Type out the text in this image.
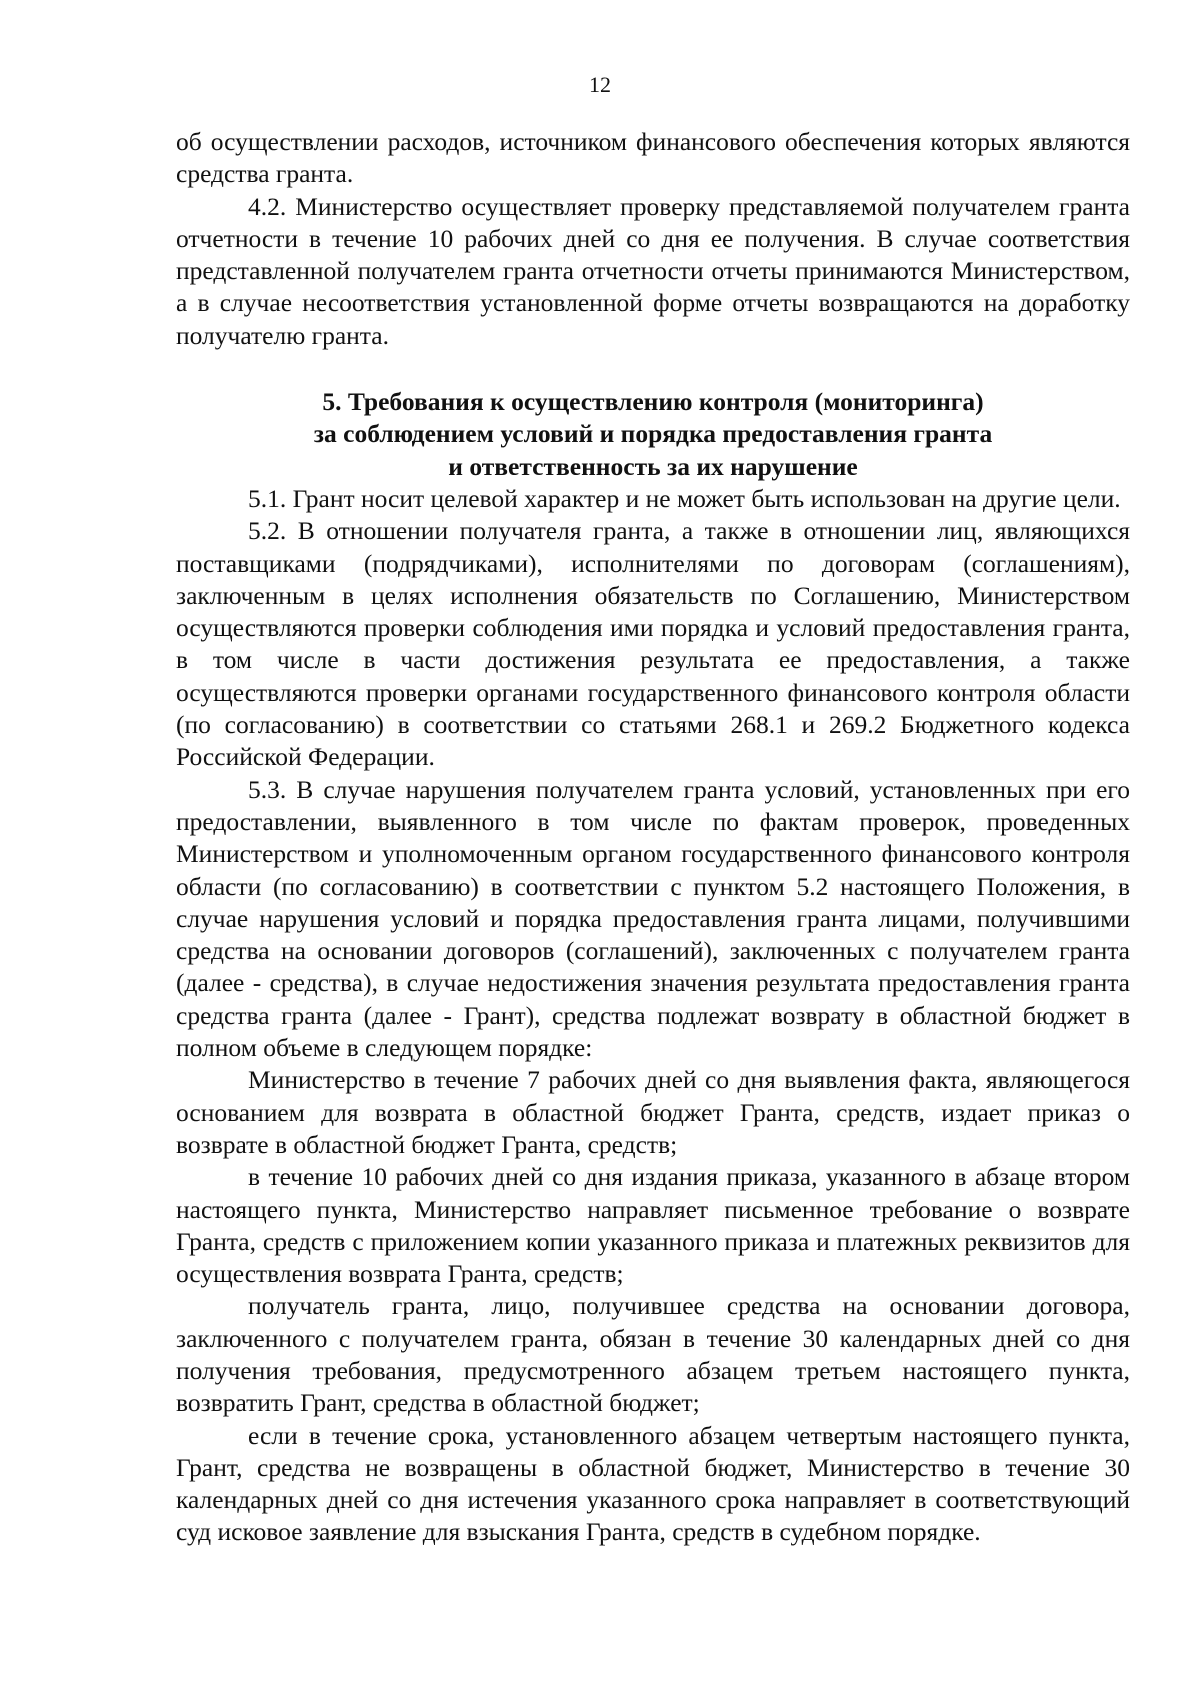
12

об осуществлении расходов, источником финансового обеспечения которых являются средства гранта.

4.2. Министерство осуществляет проверку представляемой получателем гранта отчетности в течение 10 рабочих дней со дня ее получения. В случае соответствия представленной получателем гранта отчетности отчеты принимаются Министерством, а в случае несоответствия установленной форме отчеты возвращаются на доработку получателю гранта.

5. Требования к осуществлению контроля (мониторинга)
за соблюдением условий и порядка предоставления гранта
и ответственность за их нарушение

5.1. Грант носит целевой характер и не может быть использован на другие цели.

5.2. В отношении получателя гранта, а также в отношении лиц, являющихся поставщиками (подрядчиками), исполнителями по договорам (соглашениям), заключенным в целях исполнения обязательств по Соглашению, Министерством осуществляются проверки соблюдения ими порядка и условий предоставления гранта, в том числе в части достижения результата ее предоставления, а также осуществляются проверки органами государственного финансового контроля области (по согласованию) в соответствии со статьями 268.1 и 269.2 Бюджетного кодекса Российской Федерации.

5.3. В случае нарушения получателем гранта условий, установленных при его предоставлении, выявленного в том числе по фактам проверок, проведенных Министерством и уполномоченным органом государственного финансового контроля области (по согласованию) в соответствии с пунктом 5.2 настоящего Положения, в случае нарушения условий и порядка предоставления гранта лицами, получившими средства на основании договоров (соглашений), заключенных с получателем гранта (далее - средства), в случае недостижения значения результата предоставления гранта средства гранта (далее - Грант), средства подлежат возврату в областной бюджет в полном объеме в следующем порядке:

Министерство в течение 7 рабочих дней со дня выявления факта, являющегося основанием для возврата в областной бюджет Гранта, средств, издает приказ о возврате в областной бюджет Гранта, средств;

в течение 10 рабочих дней со дня издания приказа, указанного в абзаце втором настоящего пункта, Министерство направляет письменное требование о возврате Гранта, средств с приложением копии указанного приказа и платежных реквизитов для осуществления возврата Гранта, средств;

получатель гранта, лицо, получившее средства на основании договора, заключенного с получателем гранта, обязан в течение 30 календарных дней со дня получения требования, предусмотренного абзацем третьем настоящего пункта, возвратить Грант, средства в областной бюджет;

если в течение срока, установленного абзацем четвертым настоящего пункта, Грант, средства не возвращены в областной бюджет, Министерство в течение 30 календарных дней со дня истечения указанного срока направляет в соответствующий суд исковое заявление для взыскания Гранта, средств в судебном порядке.
